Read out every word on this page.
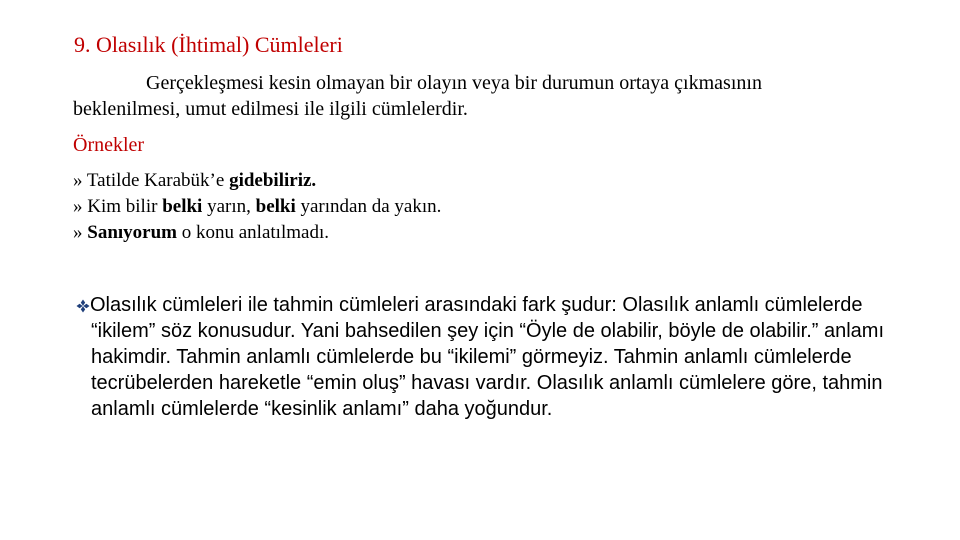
9. Olasılık (İhtimal) Cümleleri

Gerçekleşmesi kesin olmayan bir olayın veya bir durumun ortaya çıkmasının

beklenilmesi, umut edilmesi ile ilgili cümlelerdir.

Örnekler
» Tatilde Karabük’e gidebiliriz.
» Kim bilir belki yarın, belki yarından da yakın.
» Sanıyorum o konu anlatılmadı.

Olasılık cümleleri ile tahmin cümleleri arasındaki fark şudur: Olasılık anlamlı cümlelerde “ikilem” söz konusudur. Yani bahsedilen şey için “Öyle de olabilir, böyle de olabilir.” anlamı hakimdir. Tahmin anlamlı cümlelerde bu “ikilemi” görmeyiz. Tahmin anlamlı cümlelerde tecrübelerden hareketle “emin oluş” havası vardır. Olasılık anlamlı cümlelere göre, tahmin anlamlı cümlelerde “kesinlik anlamı” daha yoğundur.
